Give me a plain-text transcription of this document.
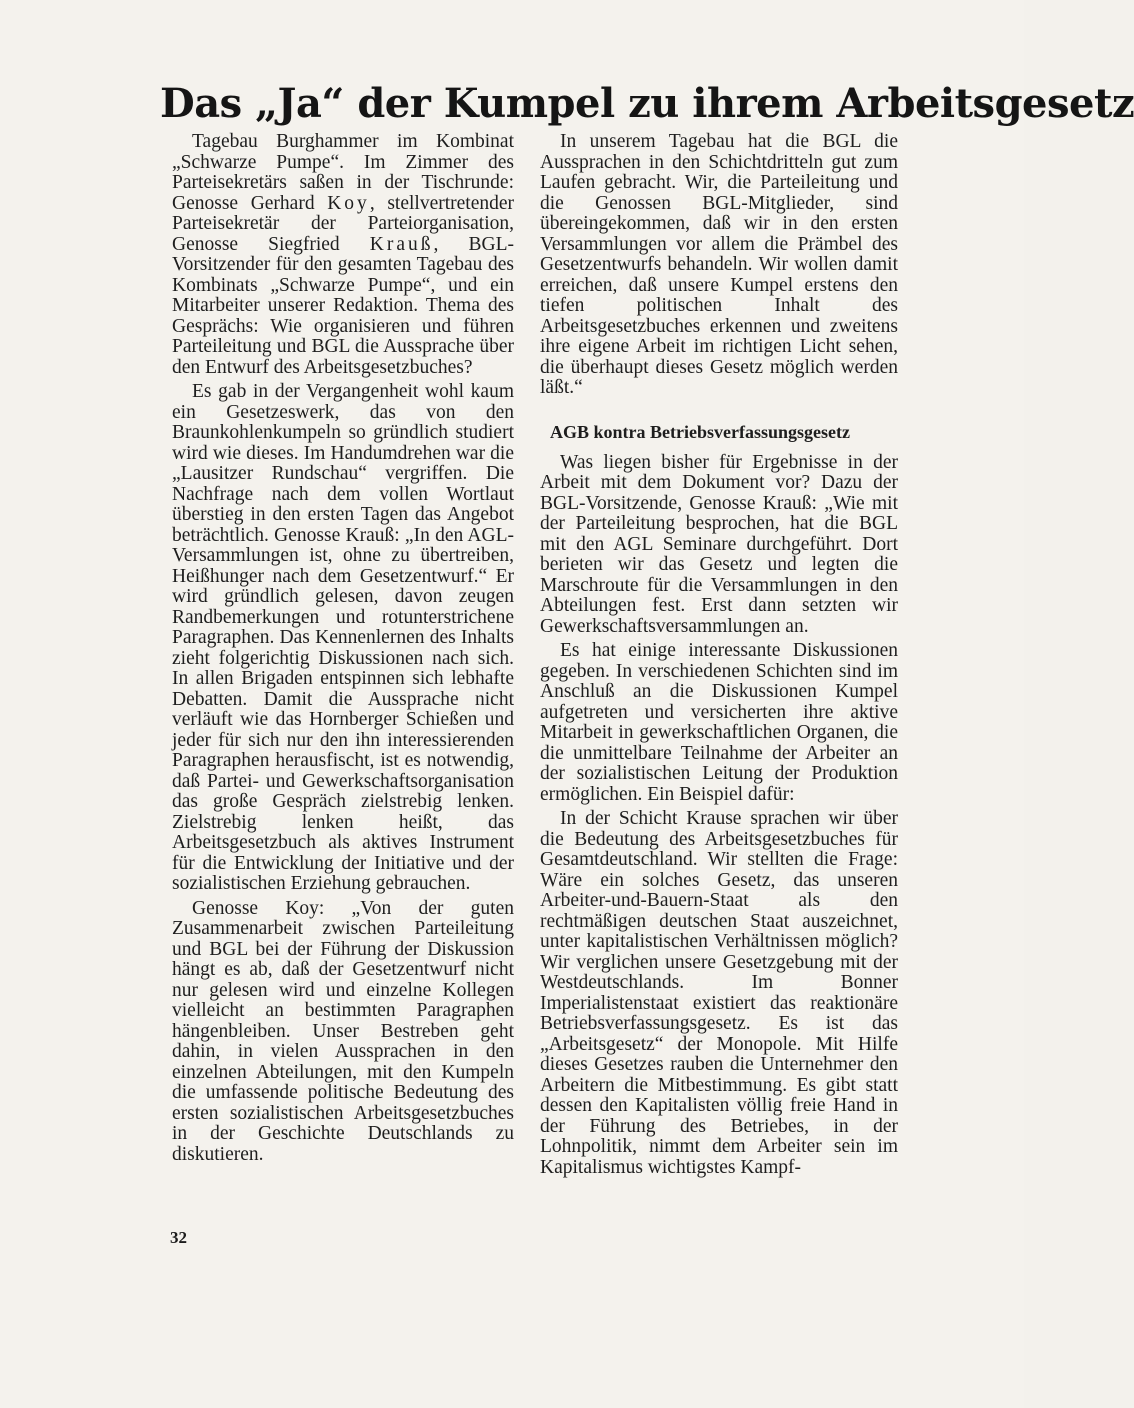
Das „Ja“ der Kumpel zu ihrem Arbeitsgesetz

Tagebau Burghammer im Kombinat „Schwarze Pumpe“. Im Zimmer des Parteisekretärs saßen in der Tischrunde: Genosse Gerhard Koy, stellvertretender Parteisekretär der Parteiorganisation, Genosse Siegfried Krauß, BGL-Vorsitzender für den gesamten Tagebau des Kombinats „Schwarze Pumpe“, und ein Mitarbeiter unserer Redaktion. Thema des Gesprächs: Wie organisieren und führen Parteileitung und BGL die Aussprache über den Entwurf des Arbeitsgesetzbuches?

Es gab in der Vergangenheit wohl kaum ein Gesetzeswerk, das von den Braunkohlenkumpeln so gründlich studiert wird wie dieses. Im Handumdrehen war die „Lausitzer Rundschau“ vergriffen. Die Nachfrage nach dem vollen Wortlaut überstieg in den ersten Tagen das Angebot beträchtlich. Genosse Krauß: „In den AGL-Versammlungen ist, ohne zu übertreiben, Heißhunger nach dem Gesetzentwurf.“ Er wird gründlich gelesen, davon zeugen Randbemerkungen und rotunterstrichene Paragraphen. Das Kennenlernen des Inhalts zieht folgerichtig Diskussionen nach sich. In allen Brigaden entspinnen sich lebhafte Debatten. Damit die Aussprache nicht verläuft wie das Hornberger Schießen und jeder für sich nur den ihn interessierenden Paragraphen herausfischt, ist es notwendig, daß Partei- und Gewerkschaftsorganisation das große Gespräch zielstrebig lenken. Zielstrebig lenken heißt, das Arbeitsgesetzbuch als aktives Instrument für die Entwicklung der Initiative und der sozialistischen Erziehung gebrauchen.

Genosse Koy: „Von der guten Zusammenarbeit zwischen Parteileitung und BGL bei der Führung der Diskussion hängt es ab, daß der Gesetzentwurf nicht nur gelesen wird und einzelne Kollegen vielleicht an bestimmten Paragraphen hängenbleiben. Unser Bestreben geht dahin, in vielen Aussprachen in den einzelnen Abteilungen, mit den Kumpeln die umfassende politische Bedeutung des ersten sozialistischen Arbeitsgesetzbuches in der Geschichte Deutschlands zu diskutieren.

In unserem Tagebau hat die BGL die Aussprachen in den Schichtdritteln gut zum Laufen gebracht. Wir, die Parteileitung und die Genossen BGL-Mitglieder, sind übereingekommen, daß wir in den ersten Versammlungen vor allem die Prämbel des Gesetzentwurfs behandeln. Wir wollen damit erreichen, daß unsere Kumpel erstens den tiefen politischen Inhalt des Arbeitsgesetzbuches erkennen und zweitens ihre eigene Arbeit im richtigen Licht sehen, die überhaupt dieses Gesetz möglich werden läßt.“

AGB kontra Betriebsverfassungsgesetz

Was liegen bisher für Ergebnisse in der Arbeit mit dem Dokument vor? Dazu der BGL-Vorsitzende, Genosse Krauß: „Wie mit der Parteileitung besprochen, hat die BGL mit den AGL Seminare durchgeführt. Dort berieten wir das Gesetz und legten die Marschroute für die Versammlungen in den Abteilungen fest. Erst dann setzten wir Gewerkschaftsversammlungen an.

Es hat einige interessante Diskussionen gegeben. In verschiedenen Schichten sind im Anschluß an die Diskussionen Kumpel aufgetreten und versicherten ihre aktive Mitarbeit in gewerkschaftlichen Organen, die die unmittelbare Teilnahme der Arbeiter an der sozialistischen Leitung der Produktion ermöglichen. Ein Beispiel dafür:

In der Schicht Krause sprachen wir über die Bedeutung des Arbeitsgesetzbuches für Gesamtdeutschland. Wir stellten die Frage: Wäre ein solches Gesetz, das unseren Arbeiter-und-Bauern-Staat als den rechtmäßigen deutschen Staat auszeichnet, unter kapitalistischen Verhältnissen möglich? Wir verglichen unsere Gesetzgebung mit der Westdeutschlands. Im Bonner Imperialistenstaat existiert das reaktionäre Betriebsverfassungsgesetz. Es ist das „Arbeitsgesetz“ der Monopole. Mit Hilfe dieses Gesetzes rauben die Unternehmer den Arbeitern die Mitbestimmung. Es gibt statt dessen den Kapitalisten völlig freie Hand in der Führung des Betriebes, in der Lohnpolitik, nimmt dem Arbeiter sein im Kapitalismus wichtigstes Kampf-

32
